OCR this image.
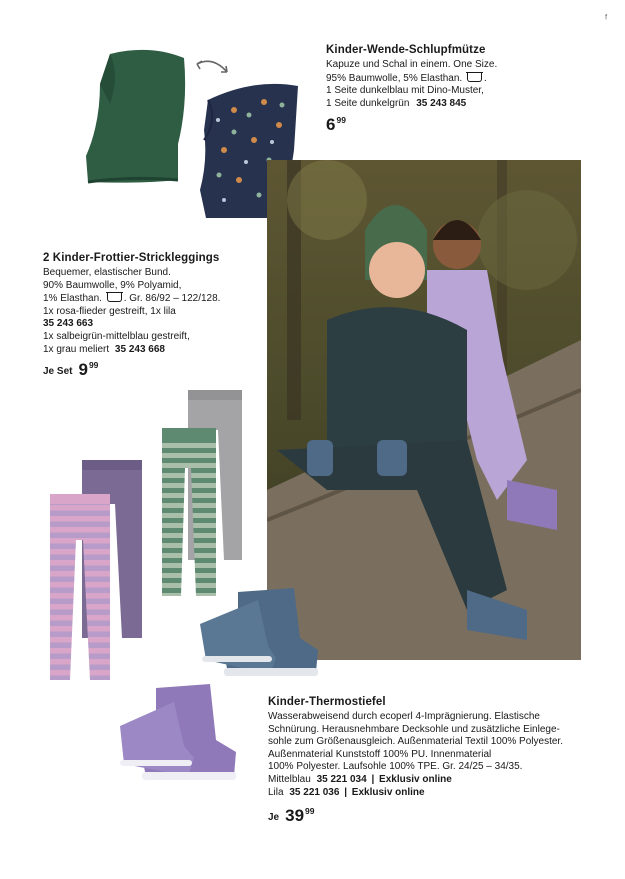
ᶠ
Kinder-Wende-Schlupfmütze
Kapuze und Schal in einem. One Size.
95% Baumwolle, 5% Elasthan. .
1 Seite dunkelblau mit Dino-Muster,
1 Seite dunkelgrün 35 243 845
6 99
2 Kinder-Frottier-Strickleggings
Bequemer, elastischer Bund.
90% Baumwolle, 9% Polyamid,
1% Elasthan. . Gr. 86/92 – 122/128.
1x rosa-flieder gestreift, 1x lila
35 243 663
1x salbeigrün-mittelblau gestreift,
1x grau meliert 35 243 668
Je Set 9 99
Kinder-Thermostiefel
Wasserabweisend durch ecoperl 4-Imprägnierung. Elastische
Schnürung. Herausnehmbare Decksohle und zusätzliche Einlege-
sohle zum Größenausgleich. Außenmaterial Textil 100% Polyester.
Außenmaterial Kunststoff 100% PU. Innenmaterial
100% Polyester. Laufsohle 100% TPE. Gr. 24/25 – 34/35.
Mittelblau 35 221 034 | Exklusiv online
Lila 35 221 036 | Exklusiv online
Je 39 99
